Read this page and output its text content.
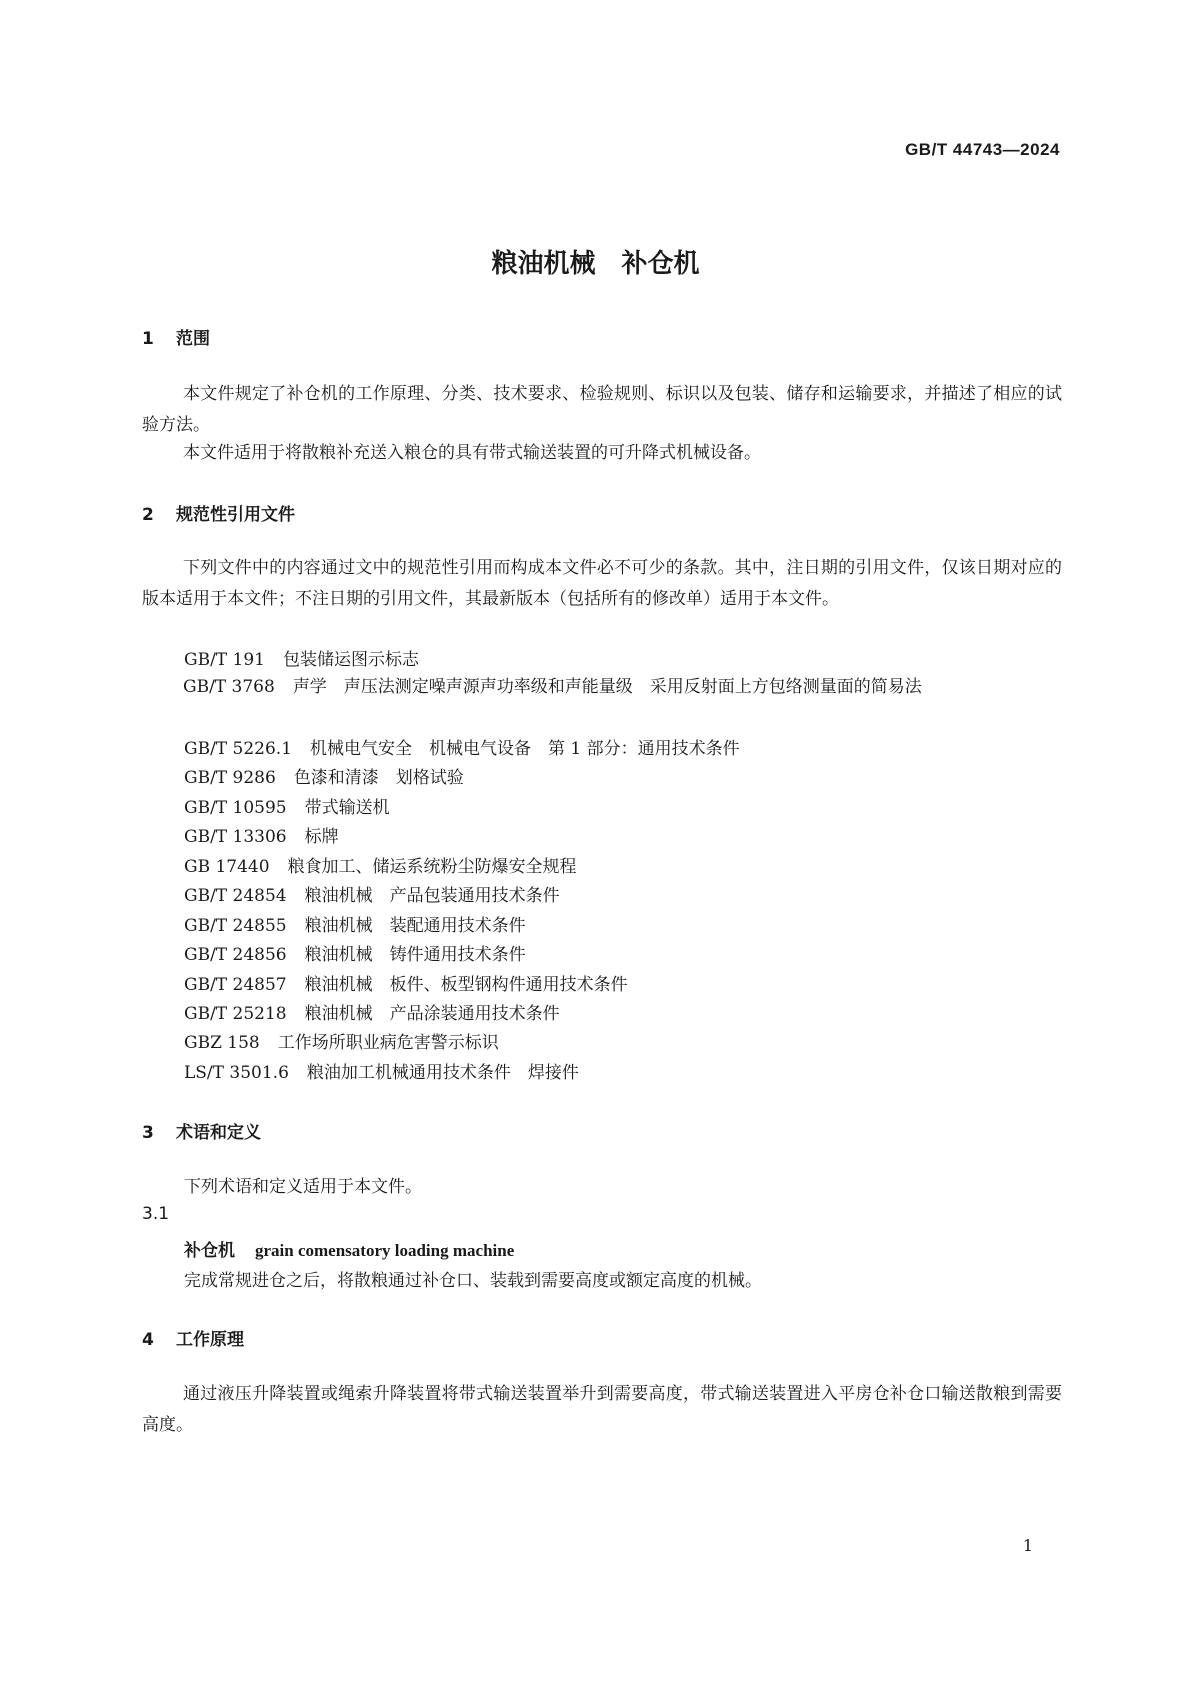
GB/T 44743—2024
粮油机械　补仓机
1 范围
本文件规定了补仓机的工作原理、分类、技术要求、检验规则、标识以及包装、储存和运输要求，并描述了相应的试验方法。
本文件适用于将散粮补充送入粮仓的具有带式输送装置的可升降式机械设备。
2 规范性引用文件
下列文件中的内容通过文中的规范性引用而构成本文件必不可少的条款。其中，注日期的引用文件，仅该日期对应的版本适用于本文件；不注日期的引用文件，其最新版本（包括所有的修改单）适用于本文件。
GB/T 191 包装储运图示标志
GB/T 3768 声学　声压法测定噪声源声功率级和声能量级　采用反射面上方包络测量面的简易法
GB/T 5226.1 机械电气安全　机械电气设备　第 1 部分：通用技术条件
GB/T 9286 色漆和清漆　划格试验
GB/T 10595 带式输送机
GB/T 13306 标牌
GB 17440 粮食加工、储运系统粉尘防爆安全规程
GB/T 24854 粮油机械　产品包装通用技术条件
GB/T 24855 粮油机械　装配通用技术条件
GB/T 24856 粮油机械　铸件通用技术条件
GB/T 24857 粮油机械　板件、板型钢构件通用技术条件
GB/T 25218 粮油机械　产品涂装通用技术条件
GBZ 158 工作场所职业病危害警示标识
LS/T 3501.6 粮油加工机械通用技术条件　焊接件
3 术语和定义
下列术语和定义适用于本文件。
3.1
补仓机 grain comensatory loading machine
完成常规进仓之后，将散粮通过补仓口、装载到需要高度或额定高度的机械。
4 工作原理
通过液压升降装置或绳索升降装置将带式输送装置举升到需要高度，带式输送装置进入平房仓补仓口输送散粮到需要高度。
1
